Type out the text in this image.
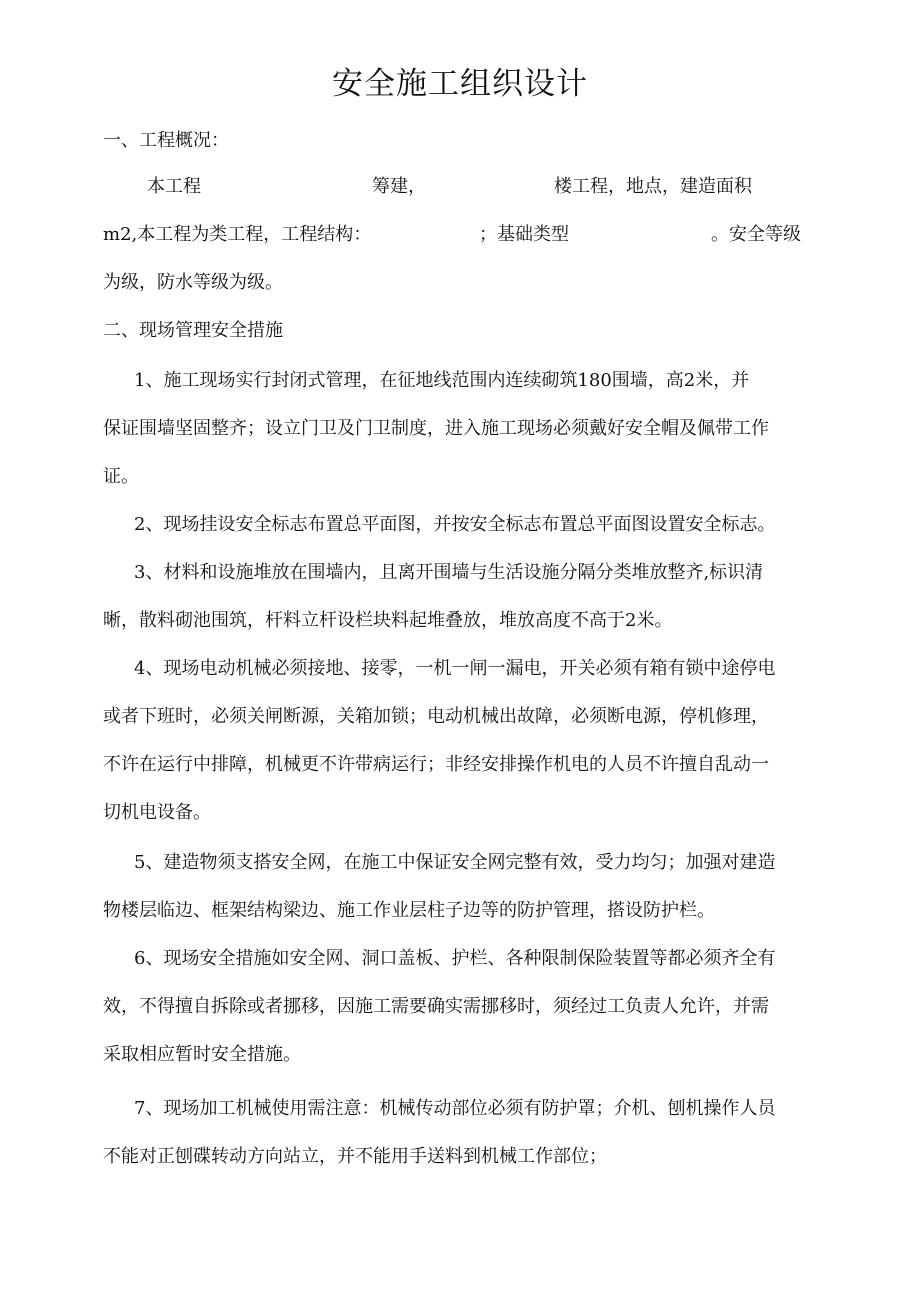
安全施工组织设计
一、工程概况：
本工程	筹建，	楼工程，地点，建造面积
m2,本工程为类工程，工程结构：	；基础类型	。安全等级
为级，防水等级为级。
二、现场管理安全措施
1、施工现场实行封闭式管理，在征地线范围内连续砌筑180围墙，高2米，并
保证围墙坚固整齐；设立门卫及门卫制度，进入施工现场必须戴好安全帽及佩带工作
证。
2、现场挂设安全标志布置总平面图，并按安全标志布置总平面图设置安全标志。
3、材料和设施堆放在围墙内，且离开围墙与生活设施分隔分类堆放整齐,标识清
晰，散料砌池围筑，杆料立杆设栏块料起堆叠放，堆放高度不高于2米。
4、现场电动机械必须接地、接零，一机一闸一漏电，开关必须有箱有锁中途停电
或者下班时，必须关闸断源，关箱加锁；电动机械出故障，必须断电源，停机修理，
不许在运行中排障，机械更不许带病运行；非经安排操作机电的人员不许擅自乱动一
切机电设备。
5、建造物须支搭安全网，在施工中保证安全网完整有效，受力均匀；加强对建造
物楼层临边、框架结构梁边、施工作业层柱子边等的防护管理，搭设防护栏。
6、现场安全措施如安全网、洞口盖板、护栏、各种限制保险装置等都必须齐全有
效，不得擅自拆除或者挪移，因施工需要确实需挪移时，须经过工负责人允许，并需
采取相应暂时安全措施。
7、现场加工机械使用需注意：机械传动部位必须有防护罩；介机、刨机操作人员
不能对正刨碟转动方向站立，并不能用手送料到机械工作部位；
